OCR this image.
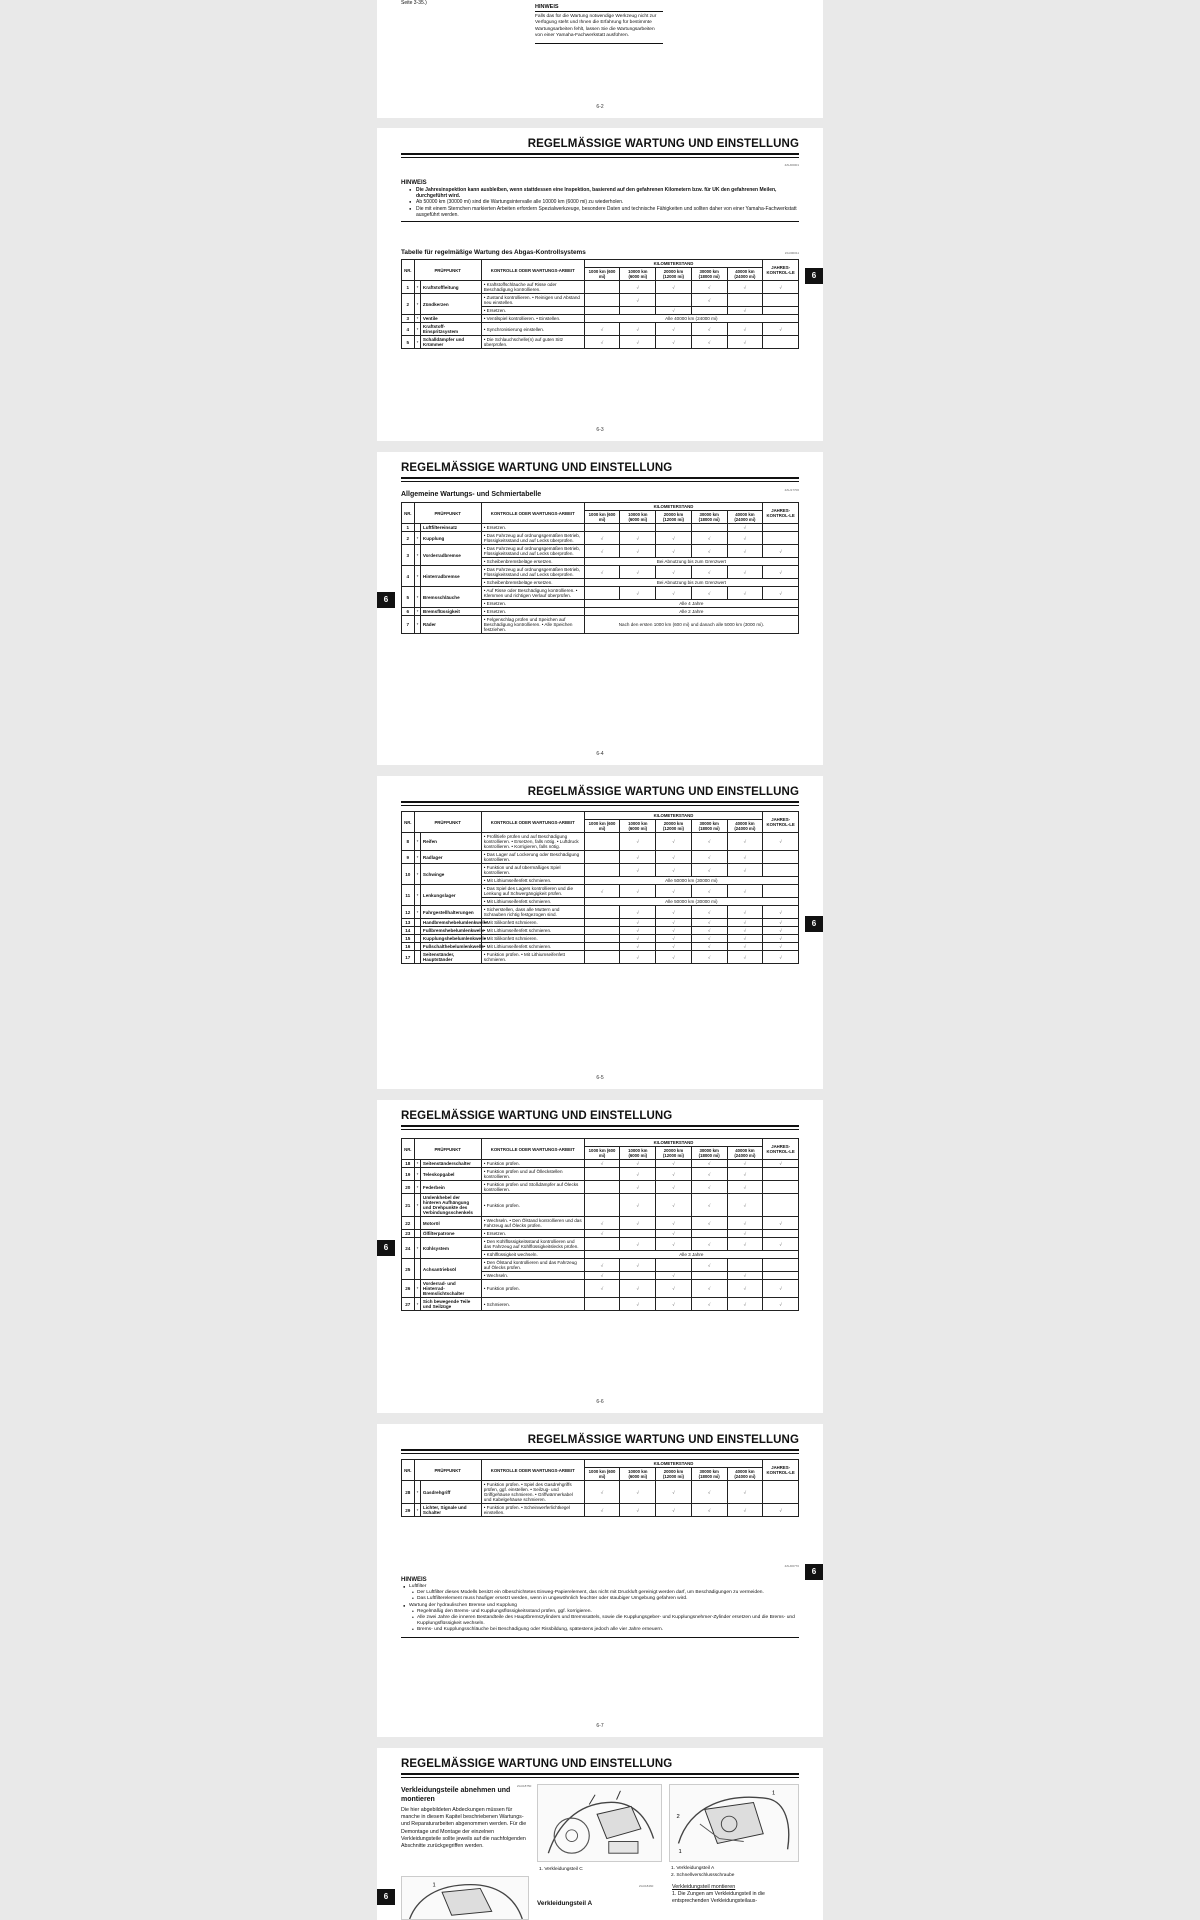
Seite 3-35.)
HINWEIS
Falls das für die Wartung notwendige Werkzeug nicht zur Verfügung steht und Ihnen die Erfahrung für bestimmte Wartungsarbeiten fehlt, lassen Sie die Wartungsarbeiten von einer Yamaha-Fachwerkstatt ausführen.
6-2
REGELMÄSSIGE WARTUNG UND EINSTELLUNG
ZAU00001
HINWEIS
● Die Jahresinspektion kann ausbleiben, wenn stattdessen eine Inspektion, basierend auf den gefahrenen Kilometern bzw. für UK den gefahrenen Meilen, durchgeführt wird.
● Ab 50000 km (30000 mi) sind die Wartungsintervalle alle 10000 km (6000 mi) zu wiederholen.
● Die mit einem Sternchen markierten Arbeiten erfordern Spezialwerkzeuge, besondere Daten und technische Fähigkeiten und sollten daher von einer Yamaha-Fachwerkstatt ausgeführt werden.
Tabelle für regelmäßige Wartung des Abgas-Kontrollsystems	ZAU00011
NR.	PRÜFPUNKT		KONTROLLE ODER WARTUNGS-ARBEIT	KILOMETERSTAND					JAHRES-KONTROL-LE
				1000 km (600 mi)	10000 km (6000 mi)	20000 km (12000 mi)	30000 km (18000 mi)	40000 km (24000 mi)	
1	*	Kraftstoffleitung	• Kraftstoffschläuche auf Risse oder Beschädigung kontrollieren.		√	√	√	√	√
2	*	Zündkerzen	• Zustand kontrollieren. • Reinigen und Abstand neu einstellen.		√		√		
			• Ersetzen.			√		√	
3	*	Ventile	• Ventilspiel kontrollieren. • Einstellen.	Alle 40000 km (24000 mi)					
4	*	Kraftstoff-Einspritzsystem	• Synchronisierung einstellen.	√	√	√	√	√	√
5	*	Schalldämpfer und Krümmer	• Die Schlauchschelle(n) auf guten Sitz überprüfen.	√	√	√	√	√	
6
6-3
REGELMÄSSIGE WARTUNG UND EINSTELLUNG
Allgemeine Wartungs- und Schmiertabelle
ZAU17706
NR.	PRÜFPUNKT		KONTROLLE ODER WARTUNGS-ARBEIT	KILOMETERSTAND					JAHRES-KONTROL-LE
				1000 km (600 mi)	10000 km (6000 mi)	20000 km (12000 mi)	30000 km (18000 mi)	40000 km (24000 mi)	
1		Luftfiltereinsatz	• Ersetzen.					√	
2	*	Kupplung	• Das Fahrzeug auf ordnungsgemäßen Betrieb, Flüssigkeitsstand und auf Lecks überprüfen.	√	√	√	√	√	
3	*	Vorderradbremse	• Das Fahrzeug auf ordnungsgemäßen Betrieb, Flüssigkeitsstand und auf Lecks überprüfen.	√	√	√	√	√	√
			• Scheibenbremsbeläge ersetzen.	Bei Abnutzung bis zum Grenzwert					
4	*	Hinterradbremse	• Das Fahrzeug auf ordnungsgemäßen Betrieb, Flüssigkeitsstand und auf Lecks überprüfen.	√	√	√	√	√	√
			• Scheibenbremsbeläge ersetzen.	Bei Abnutzung bis zum Grenzwert					
5	*	Bremsschläuche	• Auf Risse oder Beschädigung kontrollieren. • Klemmen und richtigen Verlauf überprüfen.		√	√	√	√	√
			• Ersetzen.	Alle 4 Jahre					
6	*	Bremsflüssigkeit	• Ersetzen.	Alle 2 Jahre					
7	*	Räder	• Felgenschlag prüfen und Speichen auf Beschädigung kontrollieren. • Alle Speichen festziehen.	Nach den ersten 1000 km (600 mi) und danach alle 5000 km (3000 mi).					
6
6-4
REGELMÄSSIGE WARTUNG UND EINSTELLUNG
NR.	PRÜFPUNKT		KONTROLLE ODER WARTUNGS-ARBEIT	KILOMETERSTAND					JAHRES-KONTROL-LE
				1000 km (600 mi)	10000 km (6000 mi)	20000 km (12000 mi)	30000 km (18000 mi)	40000 km (24000 mi)	
8	*	Reifen	• Profiltiefe prüfen und auf Beschädigung kontrollieren. • Ersetzen, falls nötig. • Luftdruck kontrollieren. • Korrigieren, falls nötig.		√	√	√	√	√
9	*	Radlager	• Das Lager auf Lockerung oder Beschädigung kontrollieren.		√	√	√	√	
10	*	Schwinge	• Funktion und auf übermäßiges Spiel kontrollieren.		√	√	√	√	
			• Mit Lithiumseifenfett schmieren.	Alle 50000 km (30000 mi)					
11	*	Lenkungslager	• Das Spiel des Lagers kontrollieren und die Lenkung auf Schwergängigkeit prüfen.	√	√	√	√	√	
			• Mit Lithiumseifenfett schmieren.	Alle 50000 km (30000 mi)					
12	*	Fahrgestellhalterungen	• Sicherstellen, dass alle Muttern und Schrauben richtig festgezogen sind.		√	√	√	√	√
13		Handbremshebelumlenkwelle	• Mit Silikonfett schmieren.		√	√	√	√	√
14		Fußbremshebelumlenkwelle	• Mit Lithiumseifenfett schmieren.		√	√	√	√	√
15		Kupplungshebelumlenkwelle	• Mit Silikonfett schmieren.		√	√	√	√	√
16		Fußschalthebelumlenkwelle	• Mit Lithiumseifenfett schmieren.		√	√	√	√	√
17		Seitenständer, Hauptständer	• Funktion prüfen. • Mit Lithiumseifenfett schmieren.		√	√	√	√	√
6
6-5
REGELMÄSSIGE WARTUNG UND EINSTELLUNG
NR.	PRÜFPUNKT		KONTROLLE ODER WARTUNGS-ARBEIT	KILOMETERSTAND					JAHRES-KONTROL-LE
				1000 km (600 mi)	10000 km (6000 mi)	20000 km (12000 mi)	30000 km (18000 mi)	40000 km (24000 mi)	
18	*	Seitenständerschalter	• Funktion prüfen.	√	√	√	√	√	√
19	*	Teleskopgabel	• Funktion prüfen und auf Ölleckstellen kontrollieren.		√	√	√	√	
20	*	Federbein	• Funktion prüfen und Stoßdämpfer auf Ölecks kontrollieren.		√	√	√	√	
21	*	Umlenkhebel der hinteren Aufhängung und Drehpunkte des Verbindungsschenkels	• Funktion prüfen.		√	√	√	√	
22		Motoröl	• Wechseln. • Den Ölstand kontrollieren und das Fahrzeug auf Ölecks prüfen.	√	√	√	√	√	√
23		Ölfilterpatrone	• Ersetzen.	√		√		√	
24	*	Kühlsystem	• Den Kühlflüssigkeitsstand kontrollieren und das Fahrzeug auf Kühlflüssigkeitslecks prüfen.		√	√	√	√	√
			• Kühlflüssigkeit wechseln.	Alle 3 Jahre					
25		Achsantriebsöl	• Den Ölstand kontrollieren und das Fahrzeug auf Ölecks prüfen.	√	√		√		
			• Wechseln.	√		√		√	
26	*	Vorderrad- und Hinterrad-Bremslichtschalter	• Funktion prüfen.	√	√	√	√	√	√
27	*	Sich bewegende Teile und Seilzüge	• Schmieren.		√	√	√	√	√
6
6-6
REGELMÄSSIGE WARTUNG UND EINSTELLUNG
NR.	PRÜFPUNKT		KONTROLLE ODER WARTUNGS-ARBEIT	KILOMETERSTAND					JAHRES-KONTROL-LE
				1000 km (600 mi)	10000 km (6000 mi)	20000 km (12000 mi)	30000 km (18000 mi)	40000 km (24000 mi)	
28	*	Gasdrehgriff	• Funktion prüfen. • Spiel des Gasdrehgriffs prüfen, ggf. einstellen. • Seilzug- und Griffgehäuse schmieren. • Griffwärmerkabel und Kabelgehäuse schmieren.	√	√	√	√	√	
29	*	Lichter, Signale und Schalter	• Funktion prüfen. • Scheinwerferlichtkegel einstellen.	√	√	√	√	√	√
ZAU00770
6
HINWEIS
● Luftfilter
• Der Luftfilter dieses Modells besitzt ein ölbeschichtetes Einweg-Papierelement, das nicht mit Druckluft gereinigt werden darf, um Beschädigungen zu vermeiden.
• Das Luftfilterelement muss häufiger ersetzt werden, wenn in ungewöhnlich feuchter oder staubiger Umgebung gefahren wird.
● Wartung der hydraulischen Bremse und Kupplung
• Regelmäßig den Brems- und Kupplungsflüssigkeitsstand prüfen, ggf. korrigieren.
• Alle zwei Jahre die inneren Bestandteile des Hauptbremszylinders und Bremssattels, sowie die Kupplungsgeber- und Kupplungsnehmer-Zylinder ersetzen und die Brems- und Kupplungsflüssigkeit wechseln.
• Brems- und Kupplungsschläuche bei Beschädigung oder Rissbildung, spätestens jedoch alle vier Jahre erneuern.
6-7
REGELMÄSSIGE WARTUNG UND EINSTELLUNG
ZAU18750
Verkleidungsteile abnehmen und montieren
Die hier abgebildeten Abdeckungen müssen für manche in diesem Kapitel beschriebenen Wartungs- und Reparaturarbeiten abgenommen werden. Für die Demontage und Montage der einzelnen Verkleidungsteile sollte jeweils auf die nachfolgenden Abschnitte zurückgegriffen werden.
1. Verkleidungsteil C
1
2
1
1. Verkleidungsteil A
2. Schnellverschlussschraube
1
Verkleidungsteil A
ZAU18460	Verkleidungsteil montieren
1. Die Zungen am Verkleidungsteil in die entsprechenden Verkleidungsteilaus-
6
